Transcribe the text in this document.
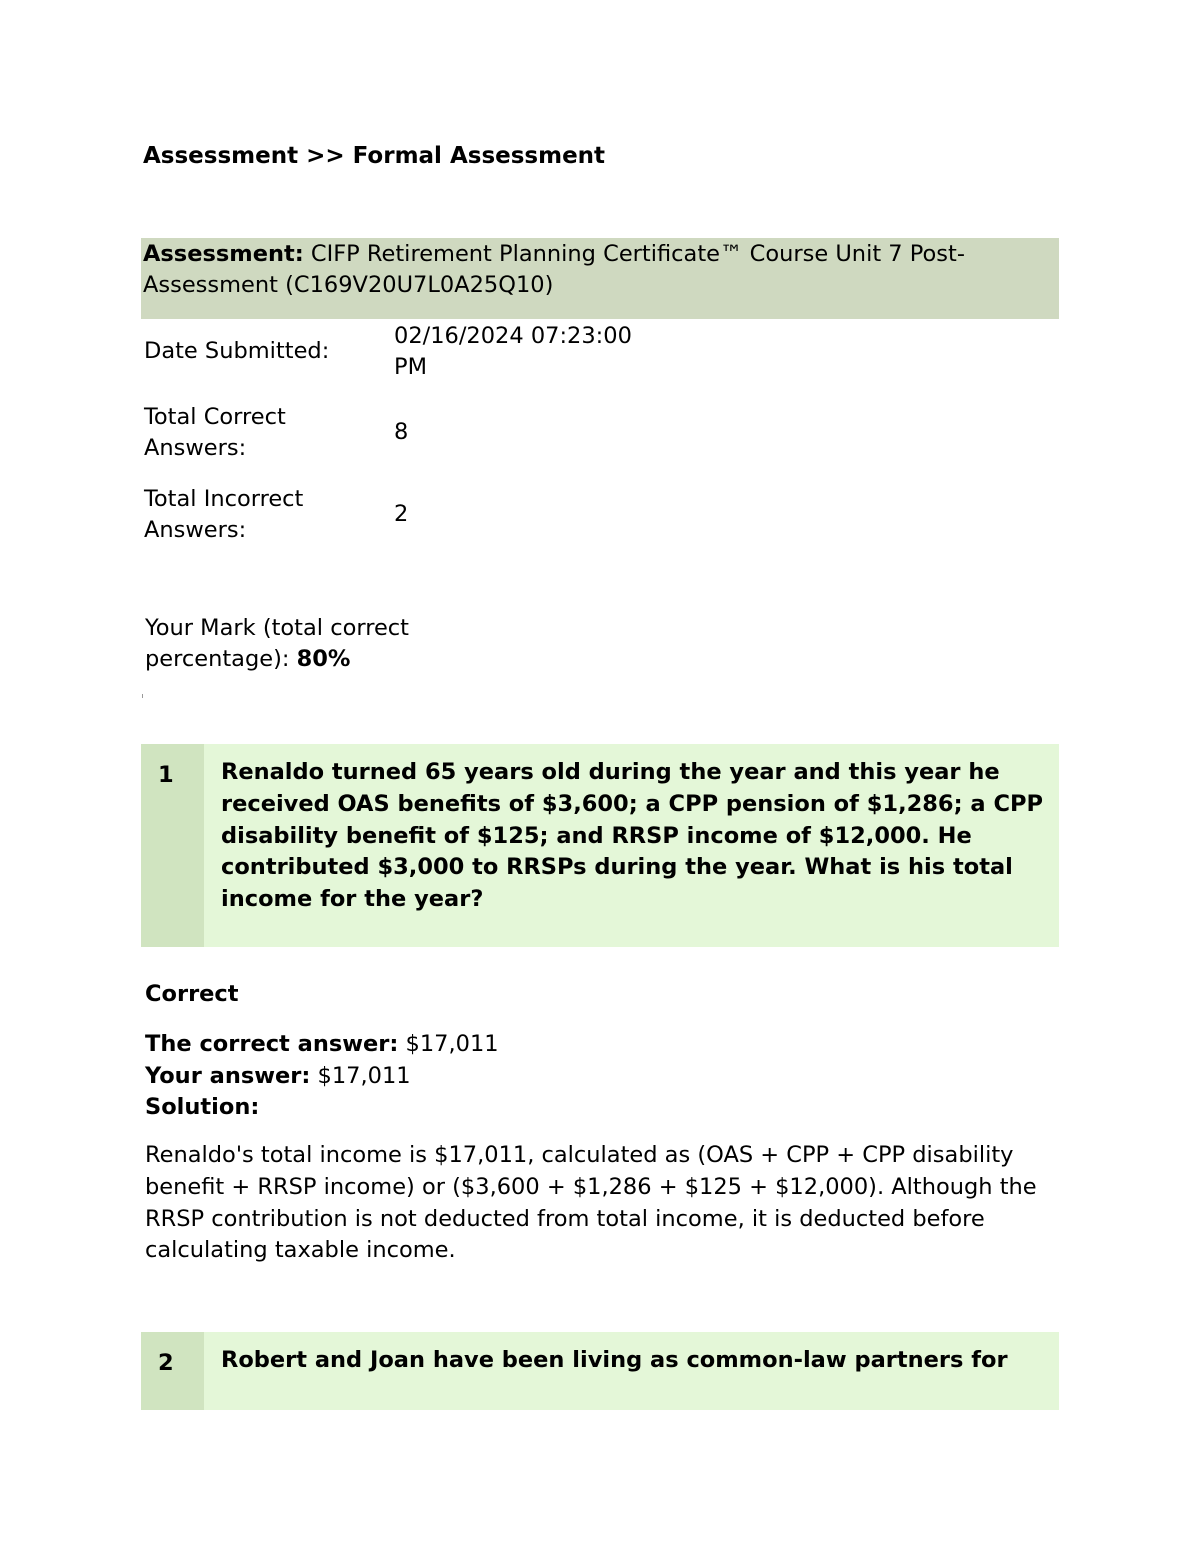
Assessment >> Formal Assessment
Assessment: CIFP Retirement Planning Certificate™ Course Unit 7 Post-Assessment (C169V20U7L0A25Q10)
Date Submitted:
02/16/2024 07:23:00 PM
Total Correct Answers:
8
Total Incorrect Answers:
2
Your Mark (total correct percentage): 80%
1 Renaldo turned 65 years old during the year and this year he received OAS benefits of $3,600; a CPP pension of $1,286; a CPP disability benefit of $125; and RRSP income of $12,000. He contributed $3,000 to RRSPs during the year. What is his total income for the year?
Correct
The correct answer: $17,011
Your answer: $17,011
Solution:
Renaldo's total income is $17,011, calculated as (OAS + CPP + CPP disability benefit + RRSP income) or ($3,600 + $1,286 + $125 + $12,000). Although the RRSP contribution is not deducted from total income, it is deducted before calculating taxable income.
2 Robert and Joan have been living as common-law partners for
